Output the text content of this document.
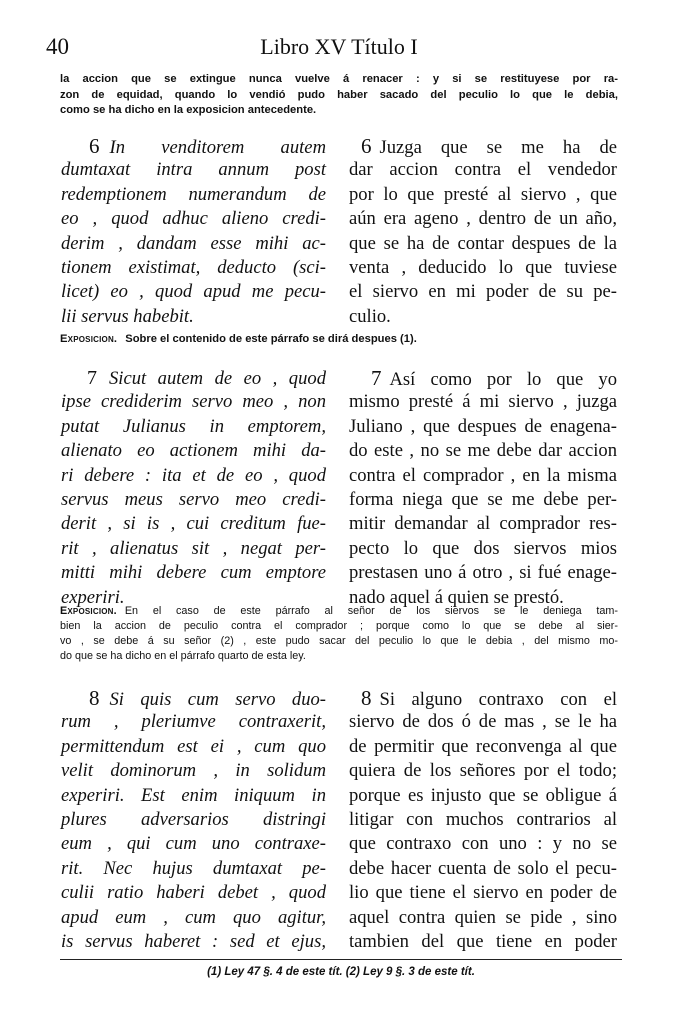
40	Libro XV Título I
la accion que se extingue nunca vuelve á renacer : y si se restituyese por ra-
zon de equidad, quando lo vendió pudo haber sacado del peculio lo que le debia,
como se ha dicho en la exposicion antecedente.
6 In venditorem autem
dumtaxat intra annum post
redemptionem numerandum de
eo , quod adhuc alieno credi-
derim , dandam esse mihi ac-
tionem existimat, deducto (sci-
licet) eo , quod apud me pecu-
lii servus habebit.
6 Juzga que se me ha de
dar accion contra el vendedor
por lo que presté al siervo , que
aún era ageno , dentro de un año,
que se ha de contar despues de la
venta , deducido lo que tuviese
el siervo en mi poder de su pe-
culio.
Exposicion. Sobre el contenido de este párrafo se dirá despues (1).
7 Sicut autem de eo , quod
ipse crediderim servo meo , non
putat Julianus in emptorem,
alienato eo actionem mihi da-
ri debere : ita et de eo , quod
servus meus servo meo credi-
derit , si is , cui creditum fue-
rit , alienatus sit , negat per-
mitti mihi debere cum emptore
experiri.
7 Así como por lo que yo
mismo presté á mi siervo , juzga
Juliano , que despues de enagena-
do este , no se me debe dar accion
contra el comprador , en la misma
forma niega que se me debe per-
mitir demandar al comprador res-
pecto lo que dos siervos mios
prestasen uno á otro , si fué enage-
nado aquel á quien se prestó.
Exposicion. En el caso de este párrafo al señor de los siervos se le deniega tam-
bien la accion de peculio contra el comprador ; porque como lo que se debe al sier-
vo , se debe á su señor (2) , este pudo sacar del peculio lo que le debia , del mismo mo-
do que se ha dicho en el párrafo quarto de esta ley.
8 Si quis cum servo duo-
rum , pleriumve contraxerit,
permittendum est ei , cum quo
velit dominorum , in solidum
experiri. Est enim iniquum in
plures adversarios distringi
eum , qui cum uno contraxe-
rit. Nec hujus dumtaxat pe-
culii ratio haberi debet , quod
apud eum , cum quo agitur,
is servus haberet : sed et ejus,
8 Si alguno contraxo con el
siervo de dos ó de mas , se le ha
de permitir que reconvenga al que
quiera de los señores por el todo;
porque es injusto que se obligue á
litigar con muchos contrarios al
que contraxo con uno : y no se
debe hacer cuenta de solo el pecu-
lio que tiene el siervo en poder de
aquel contra quien se pide , sino
tambien del que tiene en poder
(1) Ley 47 §. 4 de este tít. (2) Ley 9 §. 3 de este tít.
